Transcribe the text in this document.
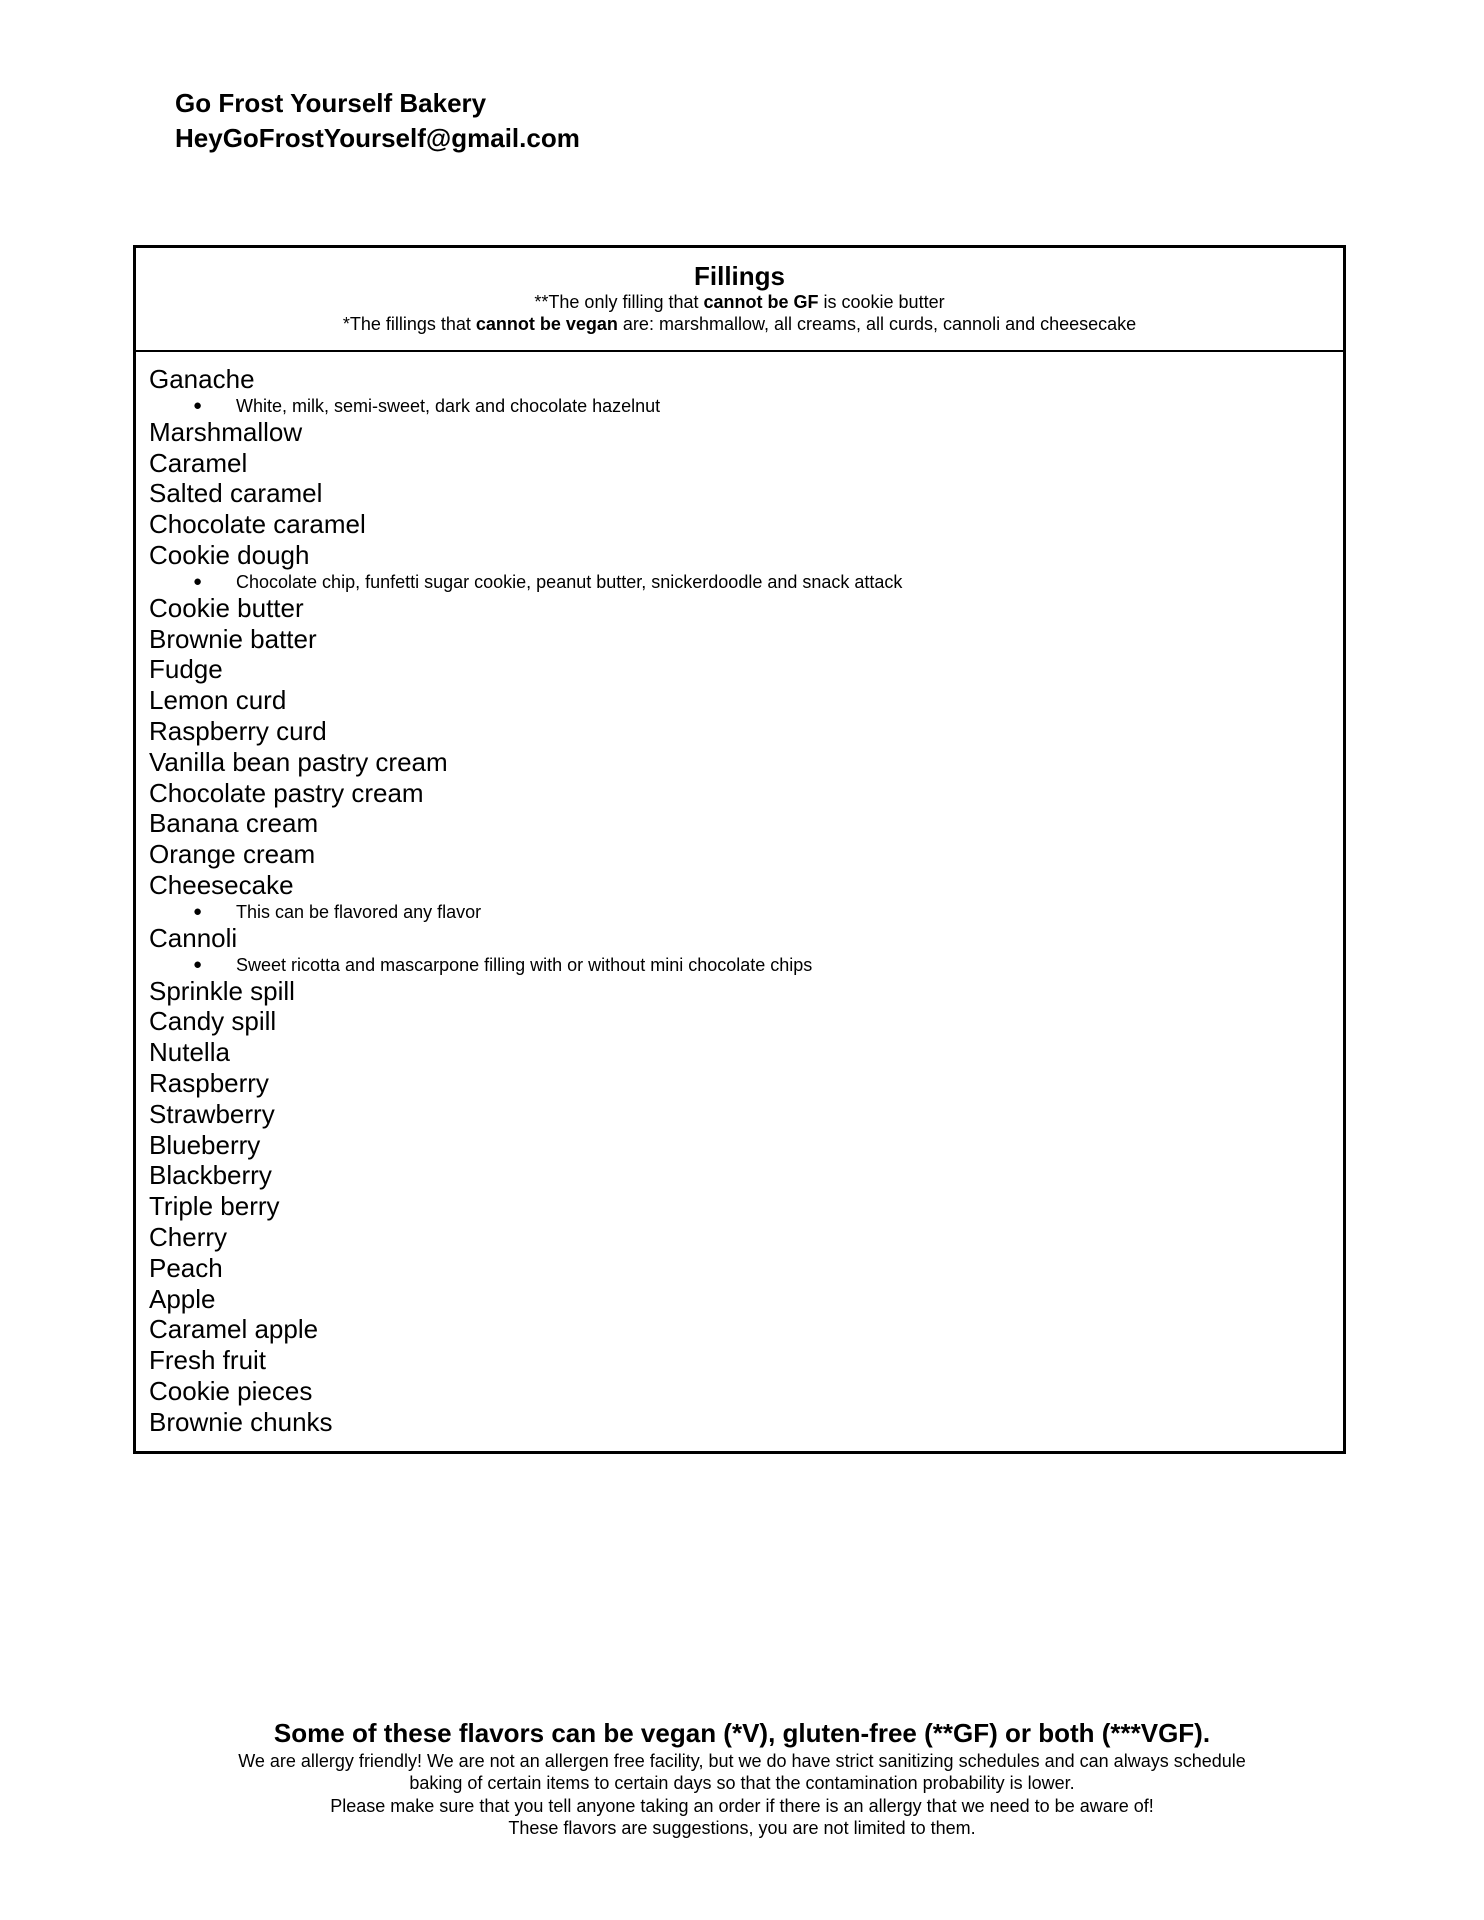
Go Frost Yourself Bakery
HeyGoFrostYourself@gmail.com
Fillings
**The only filling that cannot be GF is cookie butter
*The fillings that cannot be vegan are: marshmallow, all creams, all curds, cannoli and cheesecake
Ganache
● White, milk, semi-sweet, dark and chocolate hazelnut
Marshmallow
Caramel
Salted caramel
Chocolate caramel
Cookie dough
● Chocolate chip, funfetti sugar cookie, peanut butter, snickerdoodle and snack attack
Cookie butter
Brownie batter
Fudge
Lemon curd
Raspberry curd
Vanilla bean pastry cream
Chocolate pastry cream
Banana cream
Orange cream
Cheesecake
● This can be flavored any flavor
Cannoli
● Sweet ricotta and mascarpone filling with or without mini chocolate chips
Sprinkle spill
Candy spill
Nutella
Raspberry
Strawberry
Blueberry
Blackberry
Triple berry
Cherry
Peach
Apple
Caramel apple
Fresh fruit
Cookie pieces
Brownie chunks
Some of these flavors can be vegan (*V), gluten-free (**GF) or both (***VGF).
We are allergy friendly! We are not an allergen free facility, but we do have strict sanitizing schedules and can always schedule
baking of certain items to certain days so that the contamination probability is lower.
Please make sure that you tell anyone taking an order if there is an allergy that we need to be aware of!
These flavors are suggestions, you are not limited to them.
